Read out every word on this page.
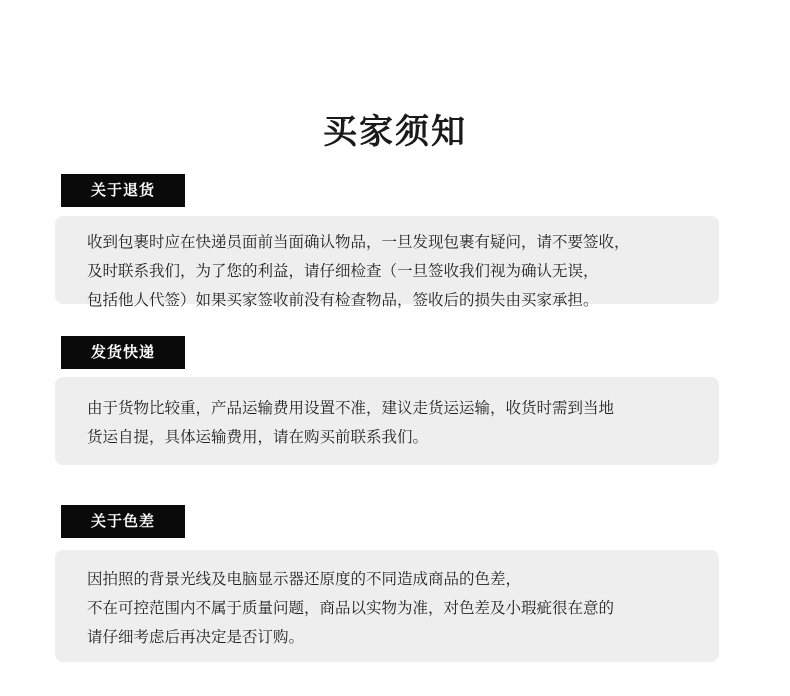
买家须知
关于退货

收到包裹时应在快递员面前当面确认物品，一旦发现包裹有疑问，请不要签收，

及时联系我们，为了您的利益，请仔细检查（一旦签收我们视为确认无误，

包括他人代签）如果买家签收前没有检查物品，签收后的损失由买家承担。

发货快递

由于货物比较重，产品运输费用设置不准，建议走货运运输，收货时需到当地

货运自提，具体运输费用，请在购买前联系我们。

关于色差

因拍照的背景光线及电脑显示器还原度的不同造成商品的色差，

不在可控范围内不属于质量问题，商品以实物为准，对色差及小瑕疵很在意的

请仔细考虑后再决定是否订购。
